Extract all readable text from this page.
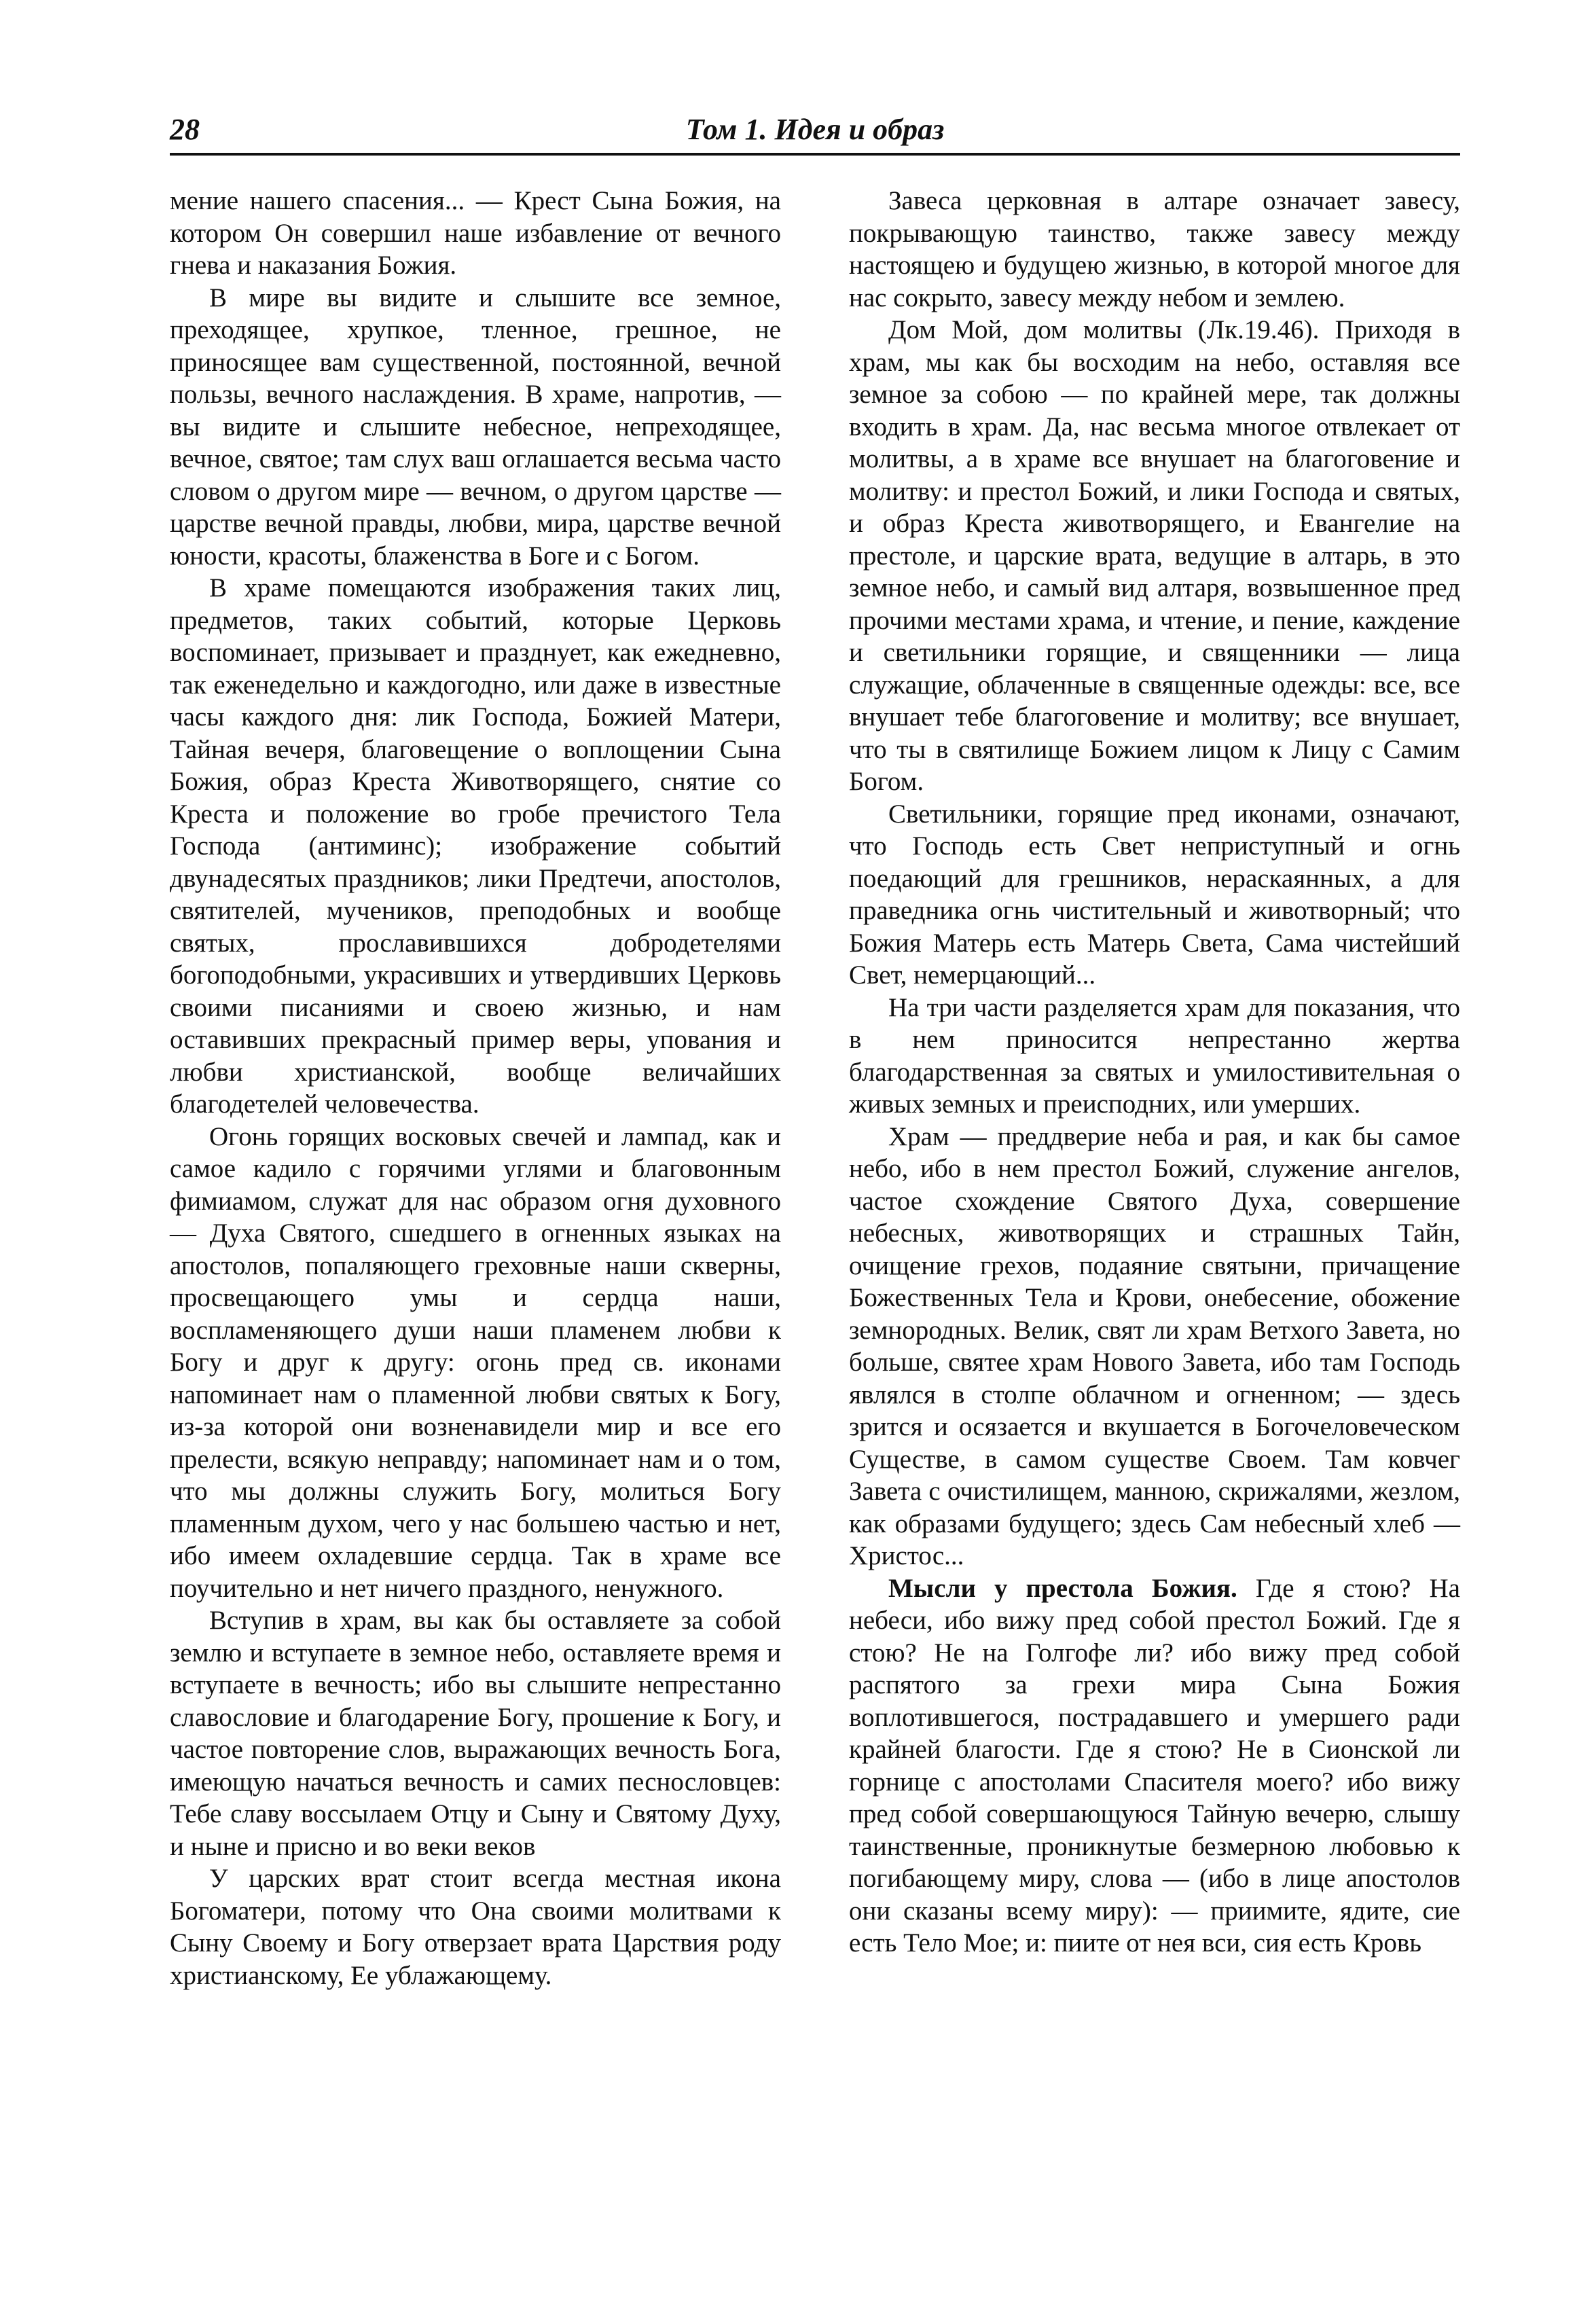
28	Том 1. Идея и образ

мение нашего спасения... — Крест Сына Божия, на котором Он совершил наше избавление от вечного гнева и наказания Божия.

В мире вы видите и слышите все земное, преходящее, хрупкое, тленное, грешное, не приносящее вам существенной, постоянной, вечной пользы, вечного наслаждения. В храме, напротив, — вы видите и слышите небесное, непреходящее, вечное, святое; там слух ваш оглашается весьма часто словом о другом мире — вечном, о другом царстве — царстве вечной правды, любви, мира, царстве вечной юности, красоты, блаженства в Боге и с Богом.

В храме помещаются изображения таких лиц, предметов, таких событий, которые Церковь воспоминает, призывает и празднует, как ежедневно, так еженедельно и каждогодно, или даже в известные часы каждого дня: лик Господа, Божией Матери, Тайная вечеря, благовещение о воплощении Сына Божия, образ Креста Животворящего, снятие со Креста и положение во гробе пречистого Тела Господа (антиминс); изображение событий двунадесятых праздников; лики Предтечи, апостолов, святителей, мучеников, преподобных и вообще святых, прославившихся добродетелями богоподобными, украсивших и утвердивших Церковь своими писаниями и своею жизнью, и нам оставивших прекрасный пример веры, упования и любви христианской, вообще величайших благодетелей человечества.

Огонь горящих восковых свечей и лампад, как и самое кадило с горячими углями и благовонным фимиамом, служат для нас образом огня духовного — Духа Святого, сшедшего в огненных языках на апостолов, попаляющего греховные наши скверны, просвещающего умы и сердца наши, воспламеняющего души наши пламенем любви к Богу и друг к другу: огонь пред св. иконами напоминает нам о пламенной любви святых к Богу, из-за которой они возненавидели мир и все его прелести, всякую неправду; напоминает нам и о том, что мы должны служить Богу, молиться Богу пламенным духом, чего у нас большею частью и нет, ибо имеем охладевшие сердца. Так в храме все поучительно и нет ничего праздного, ненужного.

Вступив в храм, вы как бы оставляете за собой землю и вступаете в земное небо, оставляете время и вступаете в вечность; ибо вы слышите непрестанно славословие и благодарение Богу, прошение к Богу, и частое повторение слов, выражающих вечность Бога, имеющую начаться вечность и самих песнословцев: Тебе славу воссылаем Отцу и Сыну и Святому Духу, и ныне и присно и во веки веков

У царских врат стоит всегда местная икона Богоматери, потому что Она своими молитвами к Сыну Своему и Богу отверзает врата Царствия роду христианскому, Ее ублажающему.

Завеса церковная в алтаре означает завесу, покрывающую таинство, также завесу между настоящею и будущею жизнью, в которой многое для нас сокрыто, завесу между небом и землею.

Дом Мой, дом молитвы (Лк.19.46). Приходя в храм, мы как бы восходим на небо, оставляя все земное за собою — по крайней мере, так должны входить в храм. Да, нас весьма многое отвлекает от молитвы, а в храме все внушает на благоговение и молитву: и престол Божий, и лики Господа и святых, и образ Креста животворящего, и Евангелие на престоле, и царские врата, ведущие в алтарь, в это земное небо, и самый вид алтаря, возвышенное пред прочими местами храма, и чтение, и пение, каждение и светильники горящие, и священники — лица служащие, облаченные в священные одежды: все, все внушает тебе благоговение и молитву; все внушает, что ты в святилище Божием лицом к Лицу с Самим Богом.

Светильники, горящие пред иконами, означают, что Господь есть Свет неприступный и огнь поедающий для грешников, нераскаянных, а для праведника огнь чистительный и животворный; что Божия Матерь есть Матерь Света, Сама чистейший Свет, немерцающий...

На три части разделяется храм для показания, что в нем приносится непрестанно жертва благодарственная за святых и умилостивительная о живых земных и преисподних, или умерших.

Храм — преддверие неба и рая, и как бы самое небо, ибо в нем престол Божий, служение ангелов, частое схождение Святого Духа, совершение небесных, животворящих и страшных Тайн, очищение грехов, подаяние святыни, причащение Божественных Тела и Крови, онебесение, обожение земнородных. Велик, свят ли храм Ветхого Завета, но больше, святее храм Нового Завета, ибо там Господь являлся в столпе облачном и огненном; — здесь зрится и осязается и вкушается в Богочеловеческом Существе, в самом существе Своем. Там ковчег Завета с очистилищем, манною, скрижалями, жезлом, как образами будущего; здесь Сам небесный хлеб — Христос...

Мысли у престола Божия. Где я стою? На небеси, ибо вижу пред собой престол Божий. Где я стою? Не на Голгофе ли? ибо вижу пред собой распятого за грехи мира Сына Божия воплотившегося, пострадавшего и умершего ради крайней благости. Где я стою? Не в Сионской ли горнице с апостолами Спасителя моего? ибо вижу пред собой совершающуюся Тайную вечерю, слышу таинственные, проникнутые безмерною любовью к погибающему миру, слова — (ибо в лице апостолов они сказаны всему миру): — приимите, ядите, сие есть Тело Мое; и: пиите от нея вси, сия есть Кровь
